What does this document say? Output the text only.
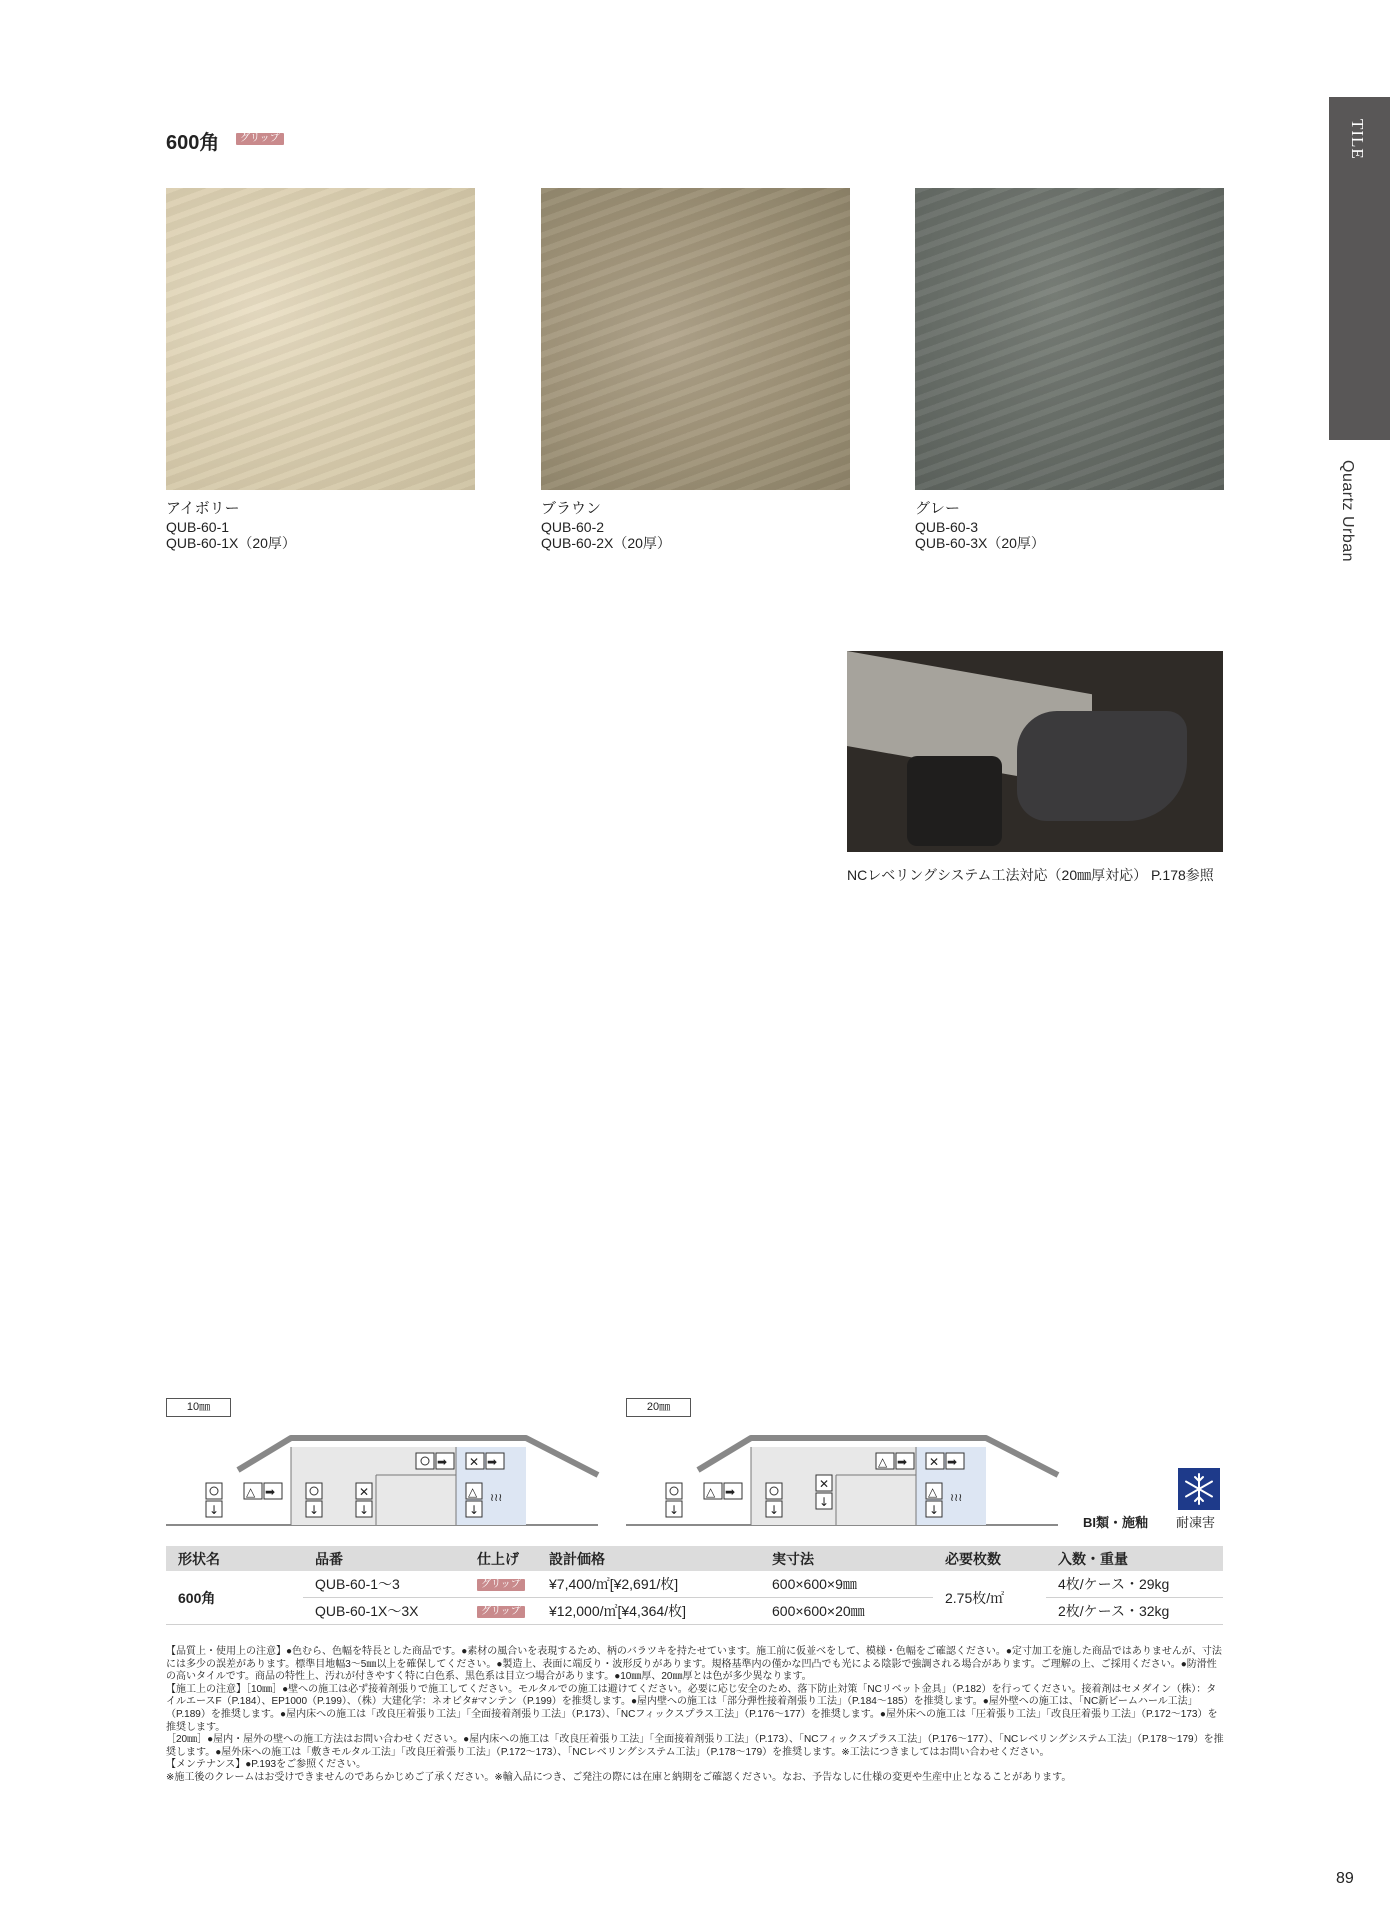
TILE
Quartz Urban
600角	グリップ
アイボリー
QUB-60-1
QUB-60-1X（20厚）
ブラウン
QUB-60-2
QUB-60-2X（20厚）
グレー
QUB-60-3
QUB-60-3X（20厚）
NCレベリングシステム工法対応（20㎜厚対応） P.178参照
10㎜
↓
△ ➡
↓
✕
↓
➡ ✕ ➡
△
↓
≀≀≀
20㎜
↓
△ ➡
↓
✕
↓
△ ➡ ✕ ➡
△
↓
≀≀≀
BI類・施釉 耐凍害
形状名	品番	仕上げ	設計価格	実寸法	必要枚数	入数・重量
600角	QUB-60-1～3	グリップ	¥7,400/㎡[¥2,691/枚]	600×600×9㎜	2.75枚/㎡	4枚/ケース・29kg
	QUB-60-1X～3X	グリップ	¥12,000/㎡[¥4,364/枚]	600×600×20㎜		2枚/ケース・32kg

【品質上・使用上の注意】●色むら、色幅を特長とした商品です。●素材の風合いを表現するため、柄のバラツキを持たせています。施工前に仮並べをして、模様・色幅をご確認ください。●定寸加工を施した商品ではありませんが、寸法には多少の誤差があります。標準目地幅3～5㎜以上を確保してください。●製造上、表面に端反り・波形反りがあります。規格基準内の僅かな凹凸でも光による陰影で強調される場合があります。ご理解の上、ご採用ください。●防滑性の高いタイルです。商品の特性上、汚れが付きやすく特に白色系、黒色系は目立つ場合があります。●10㎜厚、20㎜厚とは色が多少異なります。

【施工上の注意】［10㎜］●壁への施工は必ず接着剤張りで施工してください。モルタルでの施工は避けてください。必要に応じ安全のため、落下防止対策「NCリベット金具」（P.182）を行ってください。接着剤はセメダイン（株）：タイルエースF（P.184）、EP1000（P.199）、（株）大建化学：ネオビタ#マンテン（P.199）を推奨します。●屋内壁への施工は「部分弾性接着剤張り工法」（P.184～185）を推奨します。●屋外壁への施工は、「NC新ビームハール工法」（P.189）を推奨します。●屋内床への施工は「改良圧着張り工法」「全面接着剤張り工法」（P.173）、「NCフィックスプラス工法」（P.176～177）を推奨します。●屋外床への施工は「圧着張り工法」「改良圧着張り工法」（P.172～173）を推奨します。

［20㎜］●屋内・屋外の壁への施工方法はお問い合わせください。●屋内床への施工は「改良圧着張り工法」「全面接着剤張り工法」（P.173）、「NCフィックスプラス工法」（P.176～177）、「NCレベリングシステム工法」（P.178～179）を推奨します。●屋外床への施工は「敷きモルタル工法」「改良圧着張り工法」（P.172～173）、「NCレベリングシステム工法」（P.178～179）を推奨します。※工法につきましてはお問い合わせください。

【メンテナンス】●P.193をご参照ください。

※施工後のクレームはお受けできませんのであらかじめご了承ください。※輸入品につき、ご発注の際には在庫と納期をご確認ください。なお、予告なしに仕様の変更や生産中止となることがあります。

89
